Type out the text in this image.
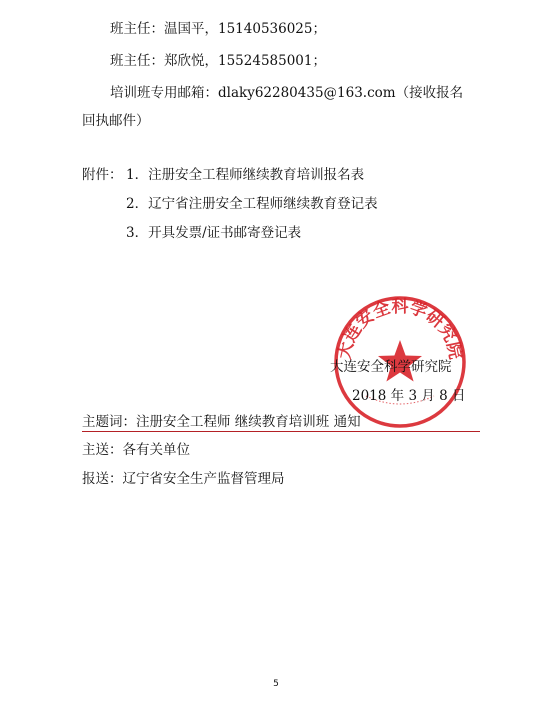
班主任：温国平，15140536025；
班主任：郑欣悦，15524585001；
培训班专用邮箱：dlaky62280435@163.com（接收报名
回执邮件）
附件： 1．注册安全工程师继续教育培训报名表
2．辽宁省注册安全工程师继续教育登记表
3．开具发票/证书邮寄登记表
大连安全科学研究院
大连安全科学研究院
2018 年 3 月 8 日
主题词：注册安全工程师 继续教育培训班 通知
主送：各有关单位
报送：辽宁省安全生产监督管理局
5
